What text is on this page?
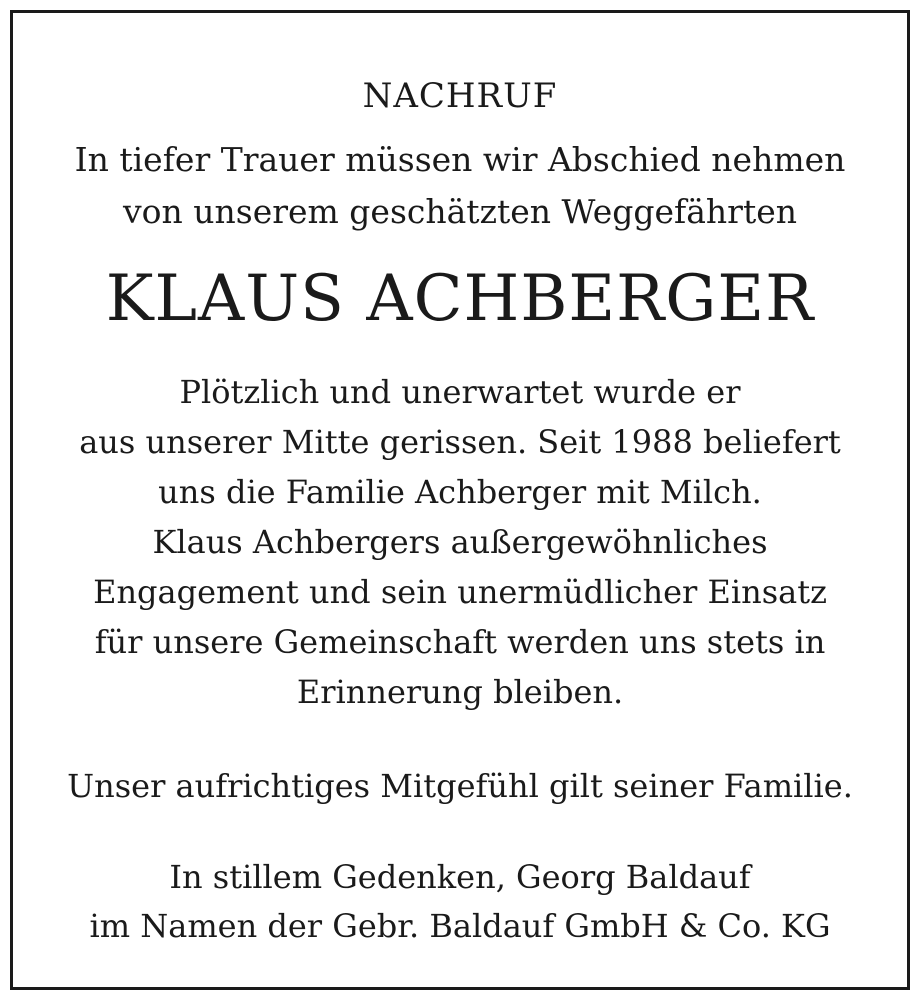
NACHRUF
In tiefer Trauer müssen wir Abschied nehmen
von unserem geschätzten Weggefährten
KLAUS ACHBERGER
Plötzlich und unerwartet wurde er
aus unserer Mitte gerissen. Seit 1988 beliefert
uns die Familie Achberger mit Milch.
Klaus Achbergers außergewöhnliches
Engagement und sein unermüdlicher Einsatz
für unsere Gemeinschaft werden uns stets in
Erinnerung bleiben.
Unser aufrichtiges Mitgefühl gilt seiner Familie.
In stillem Gedenken, Georg Baldauf
im Namen der Gebr. Baldauf GmbH & Co. KG
